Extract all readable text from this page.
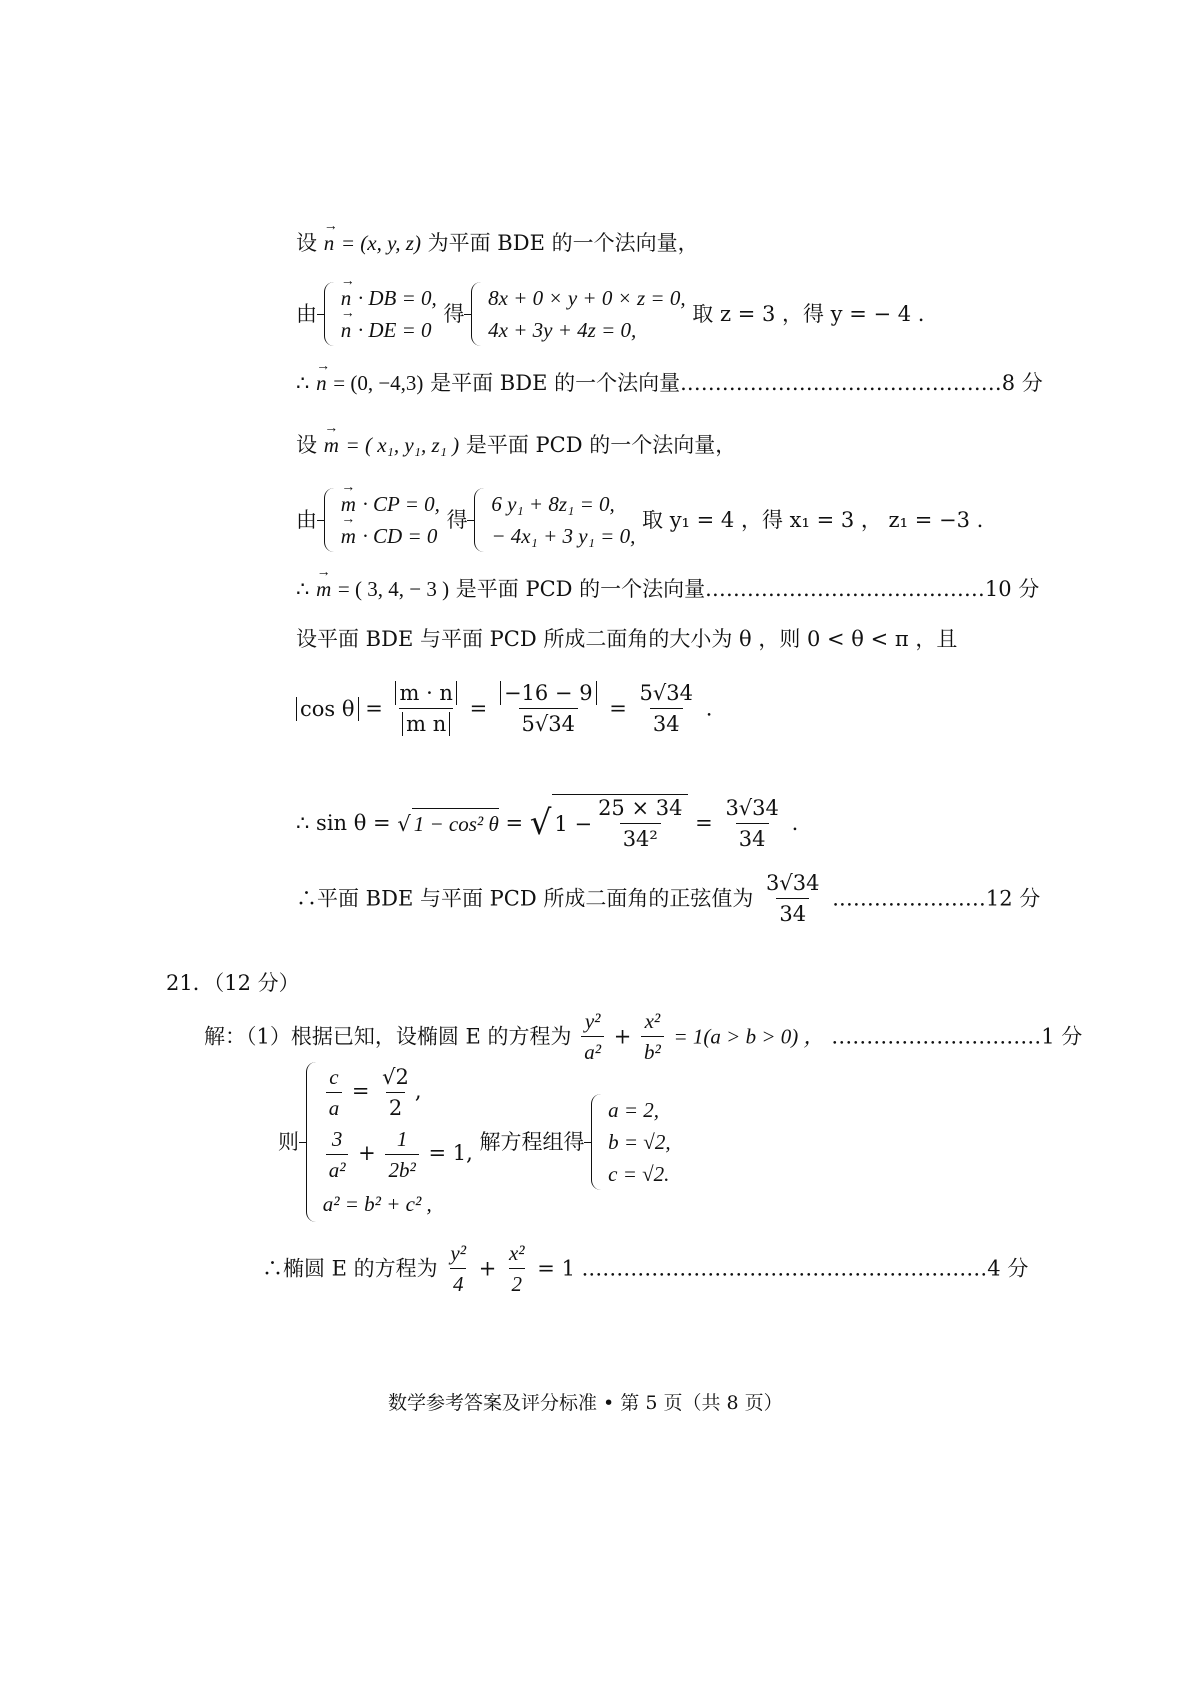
设 → n = (x, y, z) 为平面 BDE 的一个法向量，
由
→ n · DB = 0,
→ n · DE = 0
得
8x + 0 × y + 0 × z = 0,
4x + 3y + 4z = 0,
取 z = 3 ，得 y = − 4 .
∴ → n = (0, −4,3) 是平面 BDE 的一个法向量.………………………………………8 分
设 → m = ( x₁, y₁, z₁ ) 是平面 PCD 的一个法向量，
由
→ m · CP = 0,
→ m · CD = 0
得
6 y₁ + 8z₁ = 0,
− 4x₁ + 3 y₁ = 0,
取 y₁ = 4 ，得 x₁ = 3 ， z₁ = −3 .
∴ → m = ( 3, 4, − 3 ) 是平面 PCD 的一个法向量.…………………………………10 分
设平面 BDE 与平面 PCD 所成二面角的大小为 θ ，则 0 < θ < π ，且
$\cos \theta = \frac{m \cdot n}{\text{m n}} = \frac{-16 - 9}{5√34} = \frac{5√34}{34}$ .
∴ sin θ = √ 1 − cos² θ = √ $1 - \frac{25 \times 34}{\text{34²}} = \frac{3√34}{34}$ .
∴平面 BDE 与平面 PCD 所成二面角的正弦值为 $\frac{3√34}{34}$ .…………………12 分
21．（12 分）
解：（1）根据已知，设椭圆 E 的方程为 $\frac{\text{y²}}{\text{a²}} + \frac{\text{x²}}{\text{b²}} = 1(a > b > 0)$ ， …………………………1 分
则
$\frac{c}{a} = \frac{√2}{2}$ ,
$\frac{3}{\text{a²}} + \frac{1}{\text{2b²}} = 1$,
a² = b² + c² ,
解方程组得
a = 2,
b = √2,
c = √2.
∴椭圆 E 的方程为 $\frac{\text{y²}}{4} + \frac{\text{x²}}{2} = 1$ .…………………………………………………4 分
数学参考答案及评分标准 • 第 5 页（共 8 页）
